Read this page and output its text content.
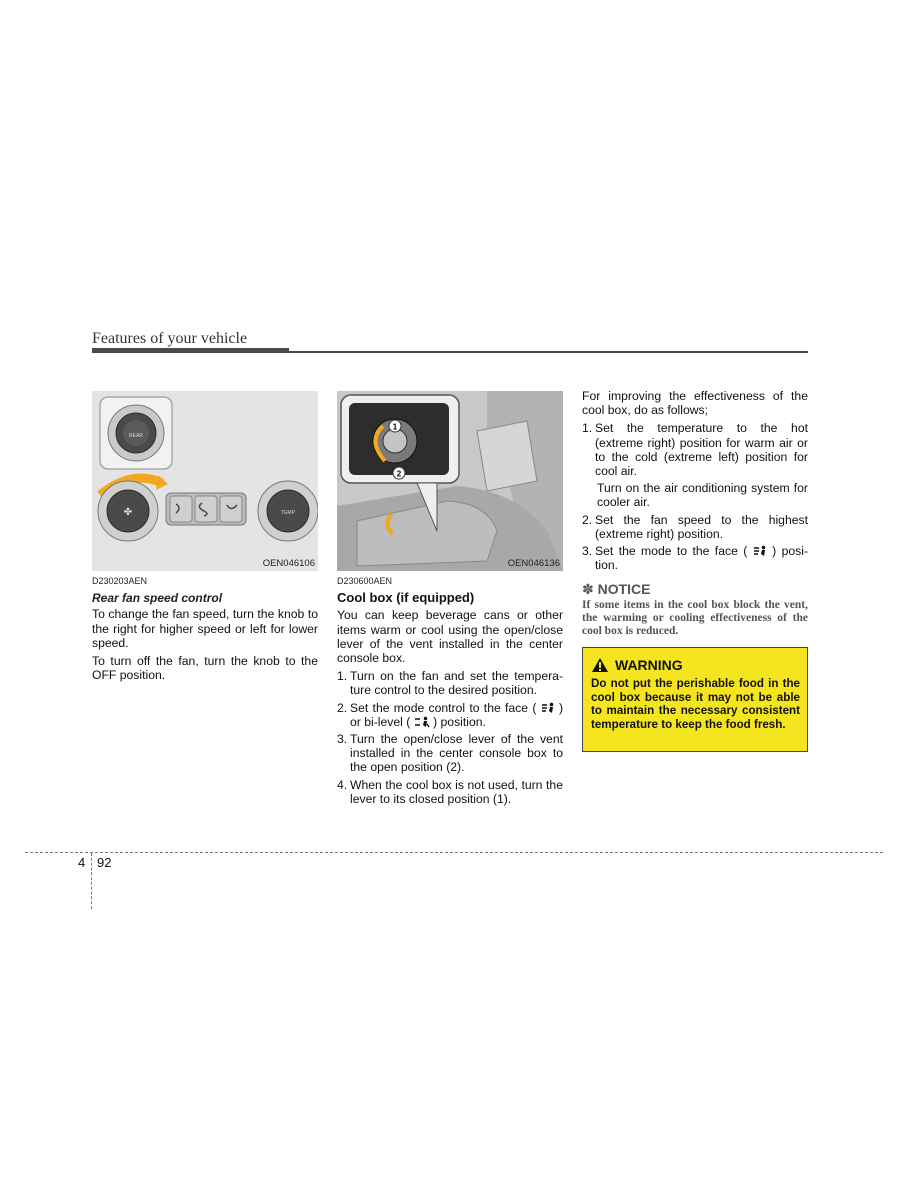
Features of your vehicle
REAR
✤	TEMP
OEN046106
1
2
OEN046136
D230203AEN
Rear fan speed control

To change the fan speed, turn the knob to the right for higher speed or left for lower speed.

To turn off the fan, turn the knob to the OFF position.

D230600AEN
Cool box (if equipped)

You can keep beverage cans or other items warm or cool using the open/close lever of the vent installed in the center console box.

1. Turn on the fan and set the temperature control to the desired position.
2. Set the mode control to the face ( ) or bi-level ( ) position.
3. Turn the open/close lever of the vent installed in the center console box to the open position (2).
4. When the cool box is not used, turn the lever to its closed position (1).

For improving the effectiveness of the cool box, do as follows;

1. Set the temperature to the hot (extreme right) position for warm air or to the cold (extreme left) position for cool air.
Turn on the air conditioning system for cooler air.
2. Set the fan speed to the highest (extreme right) position.
3. Set the mode to the face ( ) position.
✽ NOTICE
If some items in the cool box block the vent, the warming or cooling effectiveness of the cool box is reduced.
WARNING
Do not put the perishable food in the cool box because it may not be able to maintain the necessary consistent temperature to keep the food fresh.
4 92
